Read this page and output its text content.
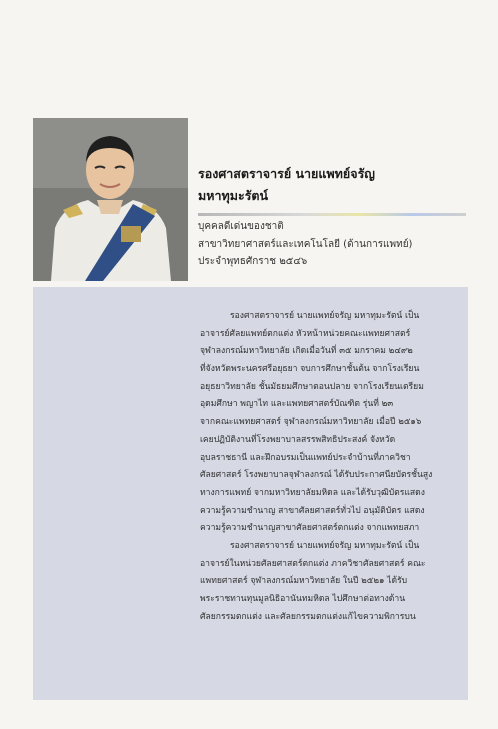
รองศาสตราจารย์ นายแพทย์จรัญ
มหาทุมะรัตน์
บุคคลดีเด่นของชาติ
สาขาวิทยาศาสตร์และเทคโนโลยี (ด้านการแพทย์)
ประจำพุทธศักราช ๒๕๔๖
รองศาสตราจารย์ นายแพทย์จรัญ มหาทุมะรัตน์ เป็น
อาจารย์ศัลยแพทย์ตกแต่ง หัวหน้าหน่วยคณะแพทยศาสตร์
จุฬาลงกรณ์มหาวิทยาลัย เกิดเมื่อวันที่ ๓๕ มกราคม ๒๔๙๒
ที่จังหวัดพระนครศรีอยุธยา จบการศึกษาชั้นต้น จากโรงเรียน
อยุธยาวิทยาลัย ชั้นมัธยมศึกษาตอนปลาย จากโรงเรียนเตรียม
อุดมศึกษา พญาไท และแพทยศาสตร์บัณฑิต รุ่นที่ ๒๓
จากคณะแพทยศาสตร์ จุฬาลงกรณ์มหาวิทยาลัย เมื่อปี ๒๕๑๖
เคยปฏิบัติงานที่โรงพยาบาลสรรพสิทธิประสงค์ จังหวัด
อุบลราชธานี และฝึกอบรมเป็นแพทย์ประจำบ้านที่ภาควิชา
ศัลยศาสตร์ โรงพยาบาลจุฬาลงกรณ์ ได้รับประกาศนียบัตรชั้นสูง
ทางการแพทย์ จากมหาวิทยาลัยมหิดล และได้รับวุฒิบัตรแสดง
ความรู้ความชำนาญ สาขาศัลยศาสตร์ทั่วไป อนุมัติบัตร แสดง
ความรู้ความชำนาญสาขาศัลยศาสตร์ตกแต่ง จากแพทยสภา
รองศาสตราจารย์ นายแพทย์จรัญ มหาทุมะรัตน์ เป็น
อาจารย์ในหน่วยศัลยศาสตร์ตกแต่ง ภาควิชาศัลยศาสตร์ คณะ
แพทยศาสตร์ จุฬาลงกรณ์มหาวิทยาลัย ในปี ๒๕๒๑ ได้รับ
พระราชทานทุนมูลนิธิอานันทมหิดล ไปศึกษาต่อทางด้าน
ศัลยกรรมตกแต่ง และศัลยกรรมตกแต่งแก้ไขความพิการบน
